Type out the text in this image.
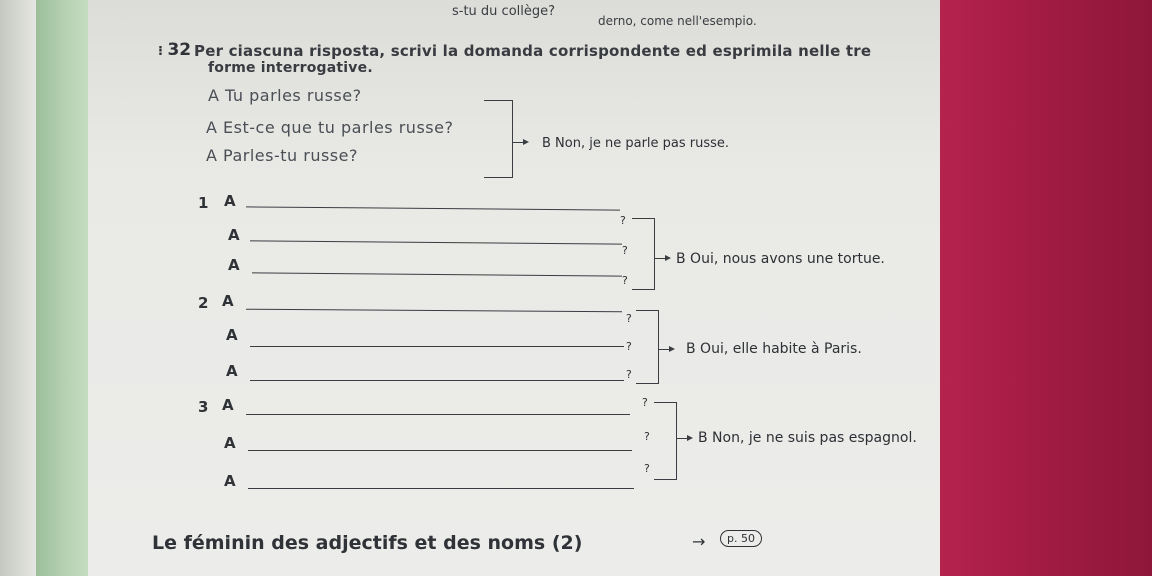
s-tu du collège?
derno, come nell'esempio.
⁝ 32 Per ciascuna risposta, scrivi la domanda corrispondente ed esprimila nelle tre
forme interrogative.
A Tu parles russe?
A Est-ce que tu parles russe?
A Parles-tu russe?
B Non, je ne parle pas russe.
1 A
?
A
?
A
?
B Oui, nous avons une tortue.
2 A
?
A
?
A	?
B Oui, elle habite à Paris.
3 A	?
A	?
A
?
B Non, je ne suis pas espagnol.
Le féminin des adjectifs et des noms (2)	→	p. 50
